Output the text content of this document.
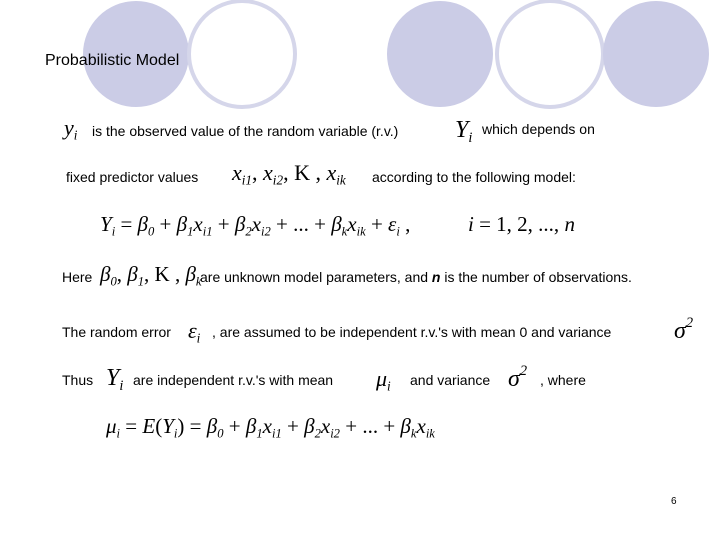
Probabilistic Model
$y_i$ is the observed value of the random variable (r.v.) $Y_i$
which depends on
fixed predictor values $x_{i1}$, $x_{i2}$, K , $x_{ik}$ according to the following model:
$Y_i = \beta_0 + \beta_1x_{i1} + \beta_2x_{i2}$ + ... + $\beta_kx_{ik} + \varepsilon_i$ ,	i = 1, 2, ..., n
Here $\beta_0$, $\beta_1$, K , $\beta_k$
are unknown model parameters, and n is the number of observations.
The random error $\varepsilon_i$ , are assumed to be independent r.v.'s with mean 0 and variance	$\sigma^2$
Thus $Y_i$ are independent r.v.'s with mean $\mu_i$ and variance $\sigma^2$
, where
$\mu_i = E(Y_i) = \beta_0 + \beta_1x_{i1} + \beta_2x_{i2}$ + ... + $\beta_kx_{ik}$
6
